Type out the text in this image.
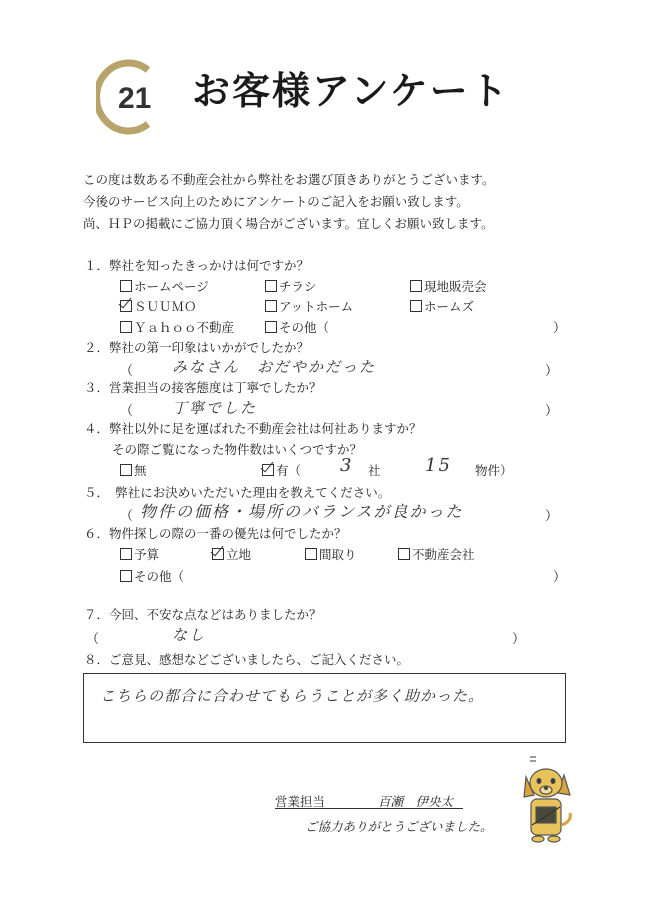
21 お客様アンケート
この度は数ある不動産会社から弊社をお選び頂きありがとうございます。
今後のサービス向上のためにアンケートのご記入をお願い致します。
尚、ＨＰの掲載にご協力頂く場合がございます。宜しくお願い致します。
１．弊社を知ったきっかけは何ですか？
ホームページ	チラシ	現地販売会
ＳＵＵＭＯ	アットホーム	ホームズ
Ｙａｈｏｏ不動産	その他（	）
２．弊社の第一印象はいかがでしたか？
（	みなさん　おだやかだった	）
３．営業担当の接客態度は丁寧でしたか？
（	丁寧でした	）
４．弊社以外に足を運ばれた不動産会社は何社ありますか？
その際ご覧になった物件数はいくつですか？
無	有（ 3 社 15 物件）
５．　弊社にお決めいただいた理由を教えてください。
（ 物件の価格・場所のバランスが良かった	）
６．物件探しの際の一番の優先は何でしたか？
予算	立地	間取り	不動産会社
その他（	）
７．今回、不安な点などはありましたか？
（	なし	）
８．ご意見、感想などございましたら、ご記入ください。
こちらの都合に合わせてもらうことが多く助かった。
営業担当	百瀬　伊央太
ご協力ありがとうございました。
